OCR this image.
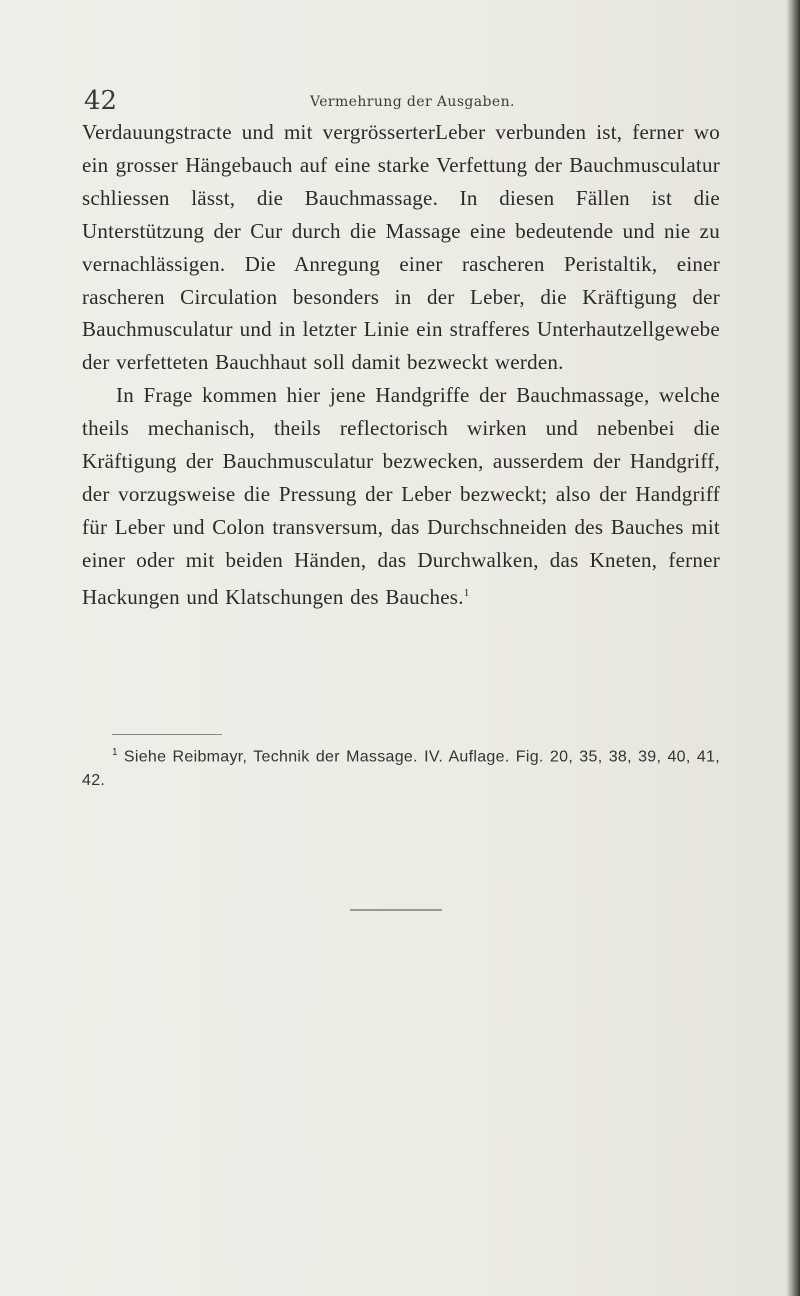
42	Vermehrung der Ausgaben.

Verdauungstracte und mit vergrösserterLeber verbunden ist, ferner wo ein grosser Hängebauch auf eine starke Verfettung der Bauchmusculatur schliessen lässt, die Bauchmassage. In diesen Fällen ist die Unterstützung der Cur durch die Massage eine bedeutende und nie zu vernachlässigen. Die Anregung einer rascheren Peristaltik, einer rascheren Circulation besonders in der Leber, die Kräftigung der Bauchmusculatur und in letzter Linie ein strafferes Unterhautzellgewebe der verfetteten Bauchhaut soll damit bezweckt werden.

In Frage kommen hier jene Handgriffe der Bauchmassage, welche theils mechanisch, theils reflectorisch wirken und nebenbei die Kräftigung der Bauchmusculatur bezwecken, ausserdem der Handgriff, der vorzugsweise die Pressung der Leber bezweckt; also der Handgriff für Leber und Colon transversum, das Durchschneiden des Bauches mit einer oder mit beiden Händen, das Durchwalken, das Kneten, ferner Hackungen und Klatschungen des Bauches.$^1$

$^1$ Siehe Reibmayr, Technik der Massage. IV. Auflage. Fig. 20, 35, 38, 39, 40, 41, 42.
